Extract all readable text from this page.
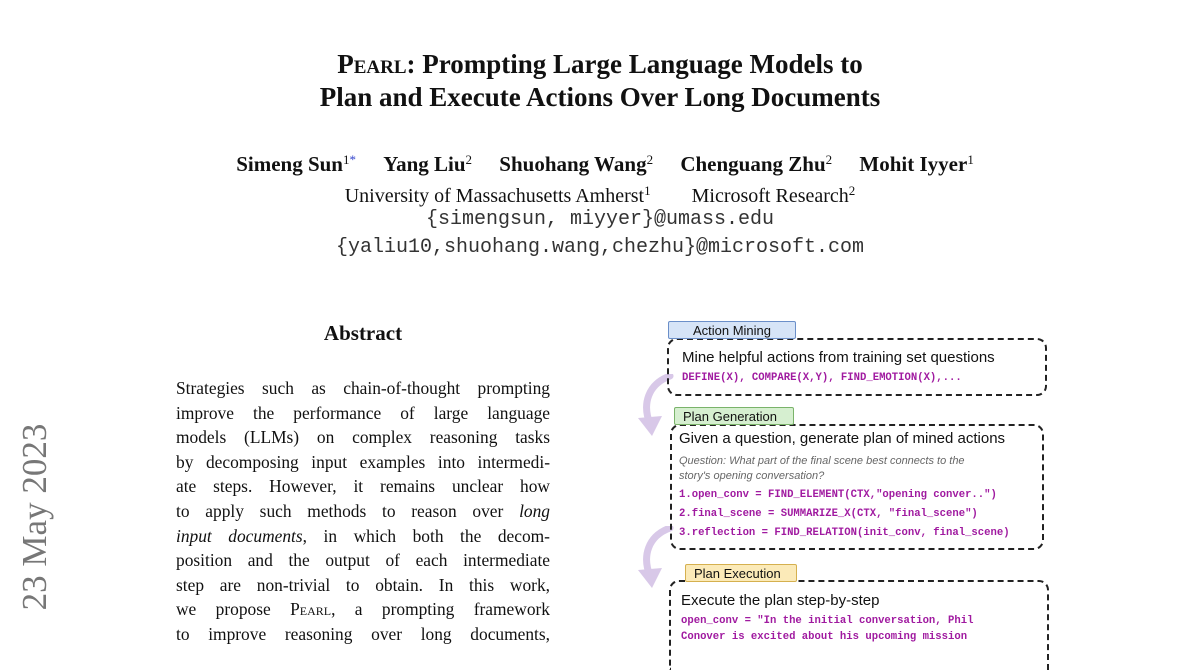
Pearl: Prompting Large Language Models to
Plan and Execute Actions Over Long Documents
Simeng Sun$^{1*}$ Yang Liu$^2$ Shuohang Wang$^2$ Chenguang Zhu$^2$ Mohit Iyyer$^1$
University of Massachusetts Amherst$^1$ Microsoft Research$^2$
{simengsun, miyyer}@umass.edu
{yaliu10,shuohang.wang,chezhu}@microsoft.com
23 May 2023
Abstract
Strategies such as chain-of-thought prompting
improve the performance of large language
models (LLMs) on complex reasoning tasks
by decomposing input examples into intermedi-
ate steps. However, it remains unclear how
to apply such methods to reason over long
input documents, in which both the decom-
position and the output of each intermediate
step are non-trivial to obtain. In this work,
we propose Pearl, a prompting framework
to improve reasoning over long documents,
Action Mining
Mine helpful actions from training set questions
DEFINE(X), COMPARE(X,Y), FIND_EMOTION(X),...
Plan Generation
Given a question, generate plan of mined actions
Question: What part of the final scene best connects to the
story's opening conversation?
1.open_conv = FIND_ELEMENT(CTX,"opening conver..")
2.final_scene = SUMMARIZE_X(CTX, "final_scene")
3.reflection = FIND_RELATION(init_conv, final_scene)
Plan Execution
Execute the plan step-by-step
open_conv = "In the initial conversation, Phil
Conover is excited about his upcoming mission
